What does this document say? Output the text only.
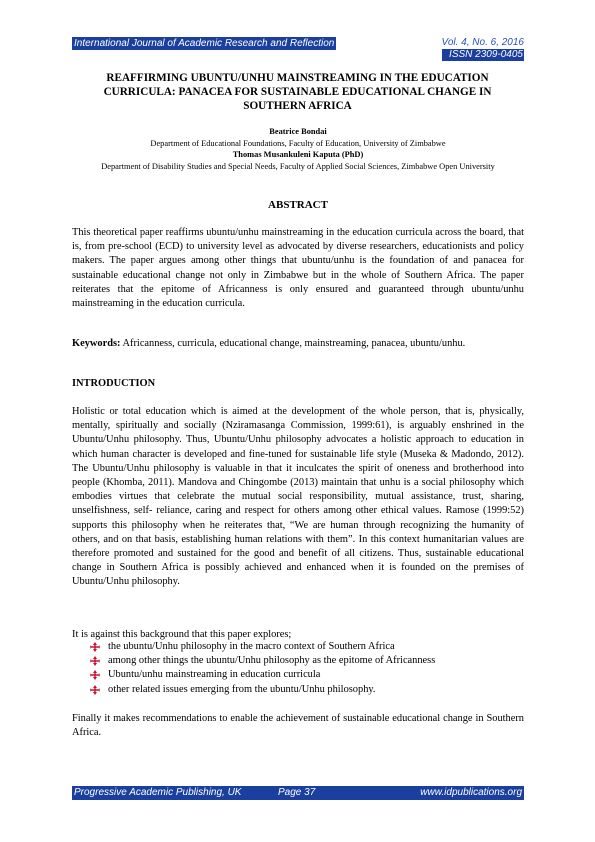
International Journal of Academic Research and Reflection	Vol. 4, No. 6, 2016
ISSN 2309-0405
REAFFIRMING UBUNTU/UNHU MAINSTREAMING IN THE EDUCATION CURRICULA: PANACEA FOR SUSTAINABLE EDUCATIONAL CHANGE IN SOUTHERN AFRICA
Beatrice Bondai
Department of Educational Foundations, Faculty of Education, University of Zimbabwe
Thomas Musankuleni Kaputa (PhD)
Department of Disability Studies and Special Needs, Faculty of Applied Social Sciences, Zimbabwe Open University
ABSTRACT

This theoretical paper reaffirms ubuntu/unhu mainstreaming in the education curricula across the board, that is, from pre-school (ECD) to university level as advocated by diverse researchers, educationists and policy makers. The paper argues among other things that ubuntu/unhu is the foundation of and panacea for sustainable educational change not only in Zimbabwe but in the whole of Southern Africa. The paper reiterates that the epitome of Africanness is only ensured and guaranteed through ubuntu/unhu mainstreaming in the education curricula.

Keywords: Africanness, curricula, educational change, mainstreaming, panacea, ubuntu/unhu.

INTRODUCTION

Holistic or total education which is aimed at the development of the whole person, that is, physically, mentally, spiritually and socially (Nziramasanga Commission, 1999:61), is arguably enshrined in the Ubuntu/Unhu philosophy. Thus, Ubuntu/Unhu philosophy advocates a holistic approach to education in which human character is developed and fine-tuned for sustainable life style (Museka & Madondo, 2012). The Ubuntu/Unhu philosophy is valuable in that it inculcates the spirit of oneness and brotherhood into people (Khomba, 2011). Mandova and Chingombe (2013) maintain that unhu is a social philosophy which embodies virtues that celebrate the mutual social responsibility, mutual assistance, trust, sharing, unselfishness, self- reliance, caring and respect for others among other ethical values. Ramose (1999:52) supports this philosophy when he reiterates that, “We are human through recognizing the humanity of others, and on that basis, establishing human relations with them”. In this context humanitarian values are therefore promoted and sustained for the good and benefit of all citizens. Thus, sustainable educational change in Southern Africa is possibly achieved and enhanced when it is founded on the premises of Ubuntu/Unhu philosophy.

It is against this background that this paper explores;

the ubuntu/Unhu philosophy in the macro context of Southern Africa
among other things the ubuntu/Unhu philosophy as the epitome of Africanness
Ubuntu/unhu mainstreaming in education curricula
other related issues emerging from the ubuntu/Unhu philosophy.

Finally it makes recommendations to enable the achievement of sustainable educational change in Southern Africa.

Progressive Academic Publishing, UK	Page 37	www.idpublications.org
